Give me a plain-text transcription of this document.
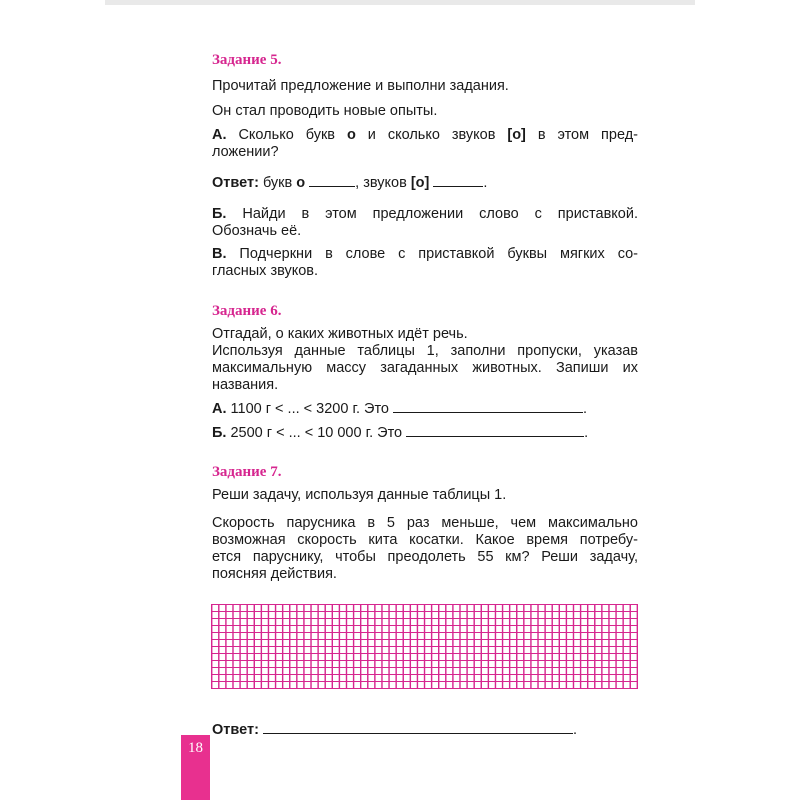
Задание 5.
Прочитай предложение и выполни задания.
Он стал проводить новые опыты.
А. Сколько букв о и сколько звуков [о] в этом пред-
ложении?
Ответ: букв о	, звуков [о]	.
Б. Найди в этом предложении слово с приставкой.
Обозначь её.
В. Подчеркни в слове с приставкой буквы мягких со-
гласных звуков.
Задание 6.
Отгадай, о каких животных идёт речь.
Используя данные таблицы 1, заполни пропуски, указав
максимальную массу загаданных животных. Запиши их
названия.
А. 1100 г < ... < 3200 г. Это	.
Б. 2500 г < ... < 10 000 г. Это	.
Задание 7.
Реши задачу, используя данные таблицы 1.
Скорость парусника в 5 раз меньше, чем максимально
возможная скорость кита косатки. Какое время потребу-
ется паруснику, чтобы преодолеть 55 км? Реши задачу,
поясняя действия.
Ответ:	.
18
